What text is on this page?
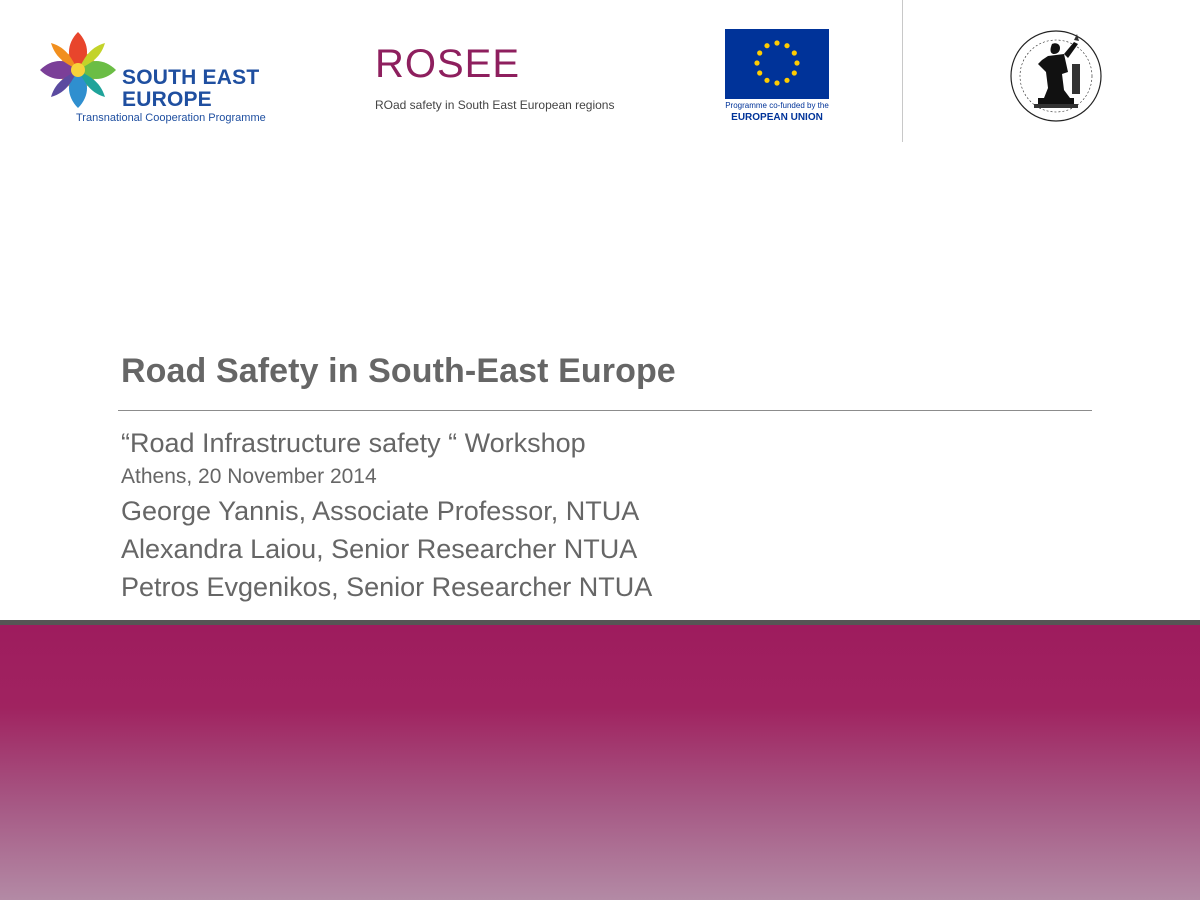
SOUTH EAST
EUROPE
Transnational Cooperation Programme
ROSEE
ROad safety in South East European regions	Programme co-funded by the
EUROPEAN UNION
Road Safety in South-East Europe
“Road Infrastructure safety “ Workshop
Athens, 20 November 2014
George Yannis, Associate Professor, NTUA
Alexandra Laiou, Senior Researcher NTUA
Petros Evgenikos, Senior Researcher NTUA
